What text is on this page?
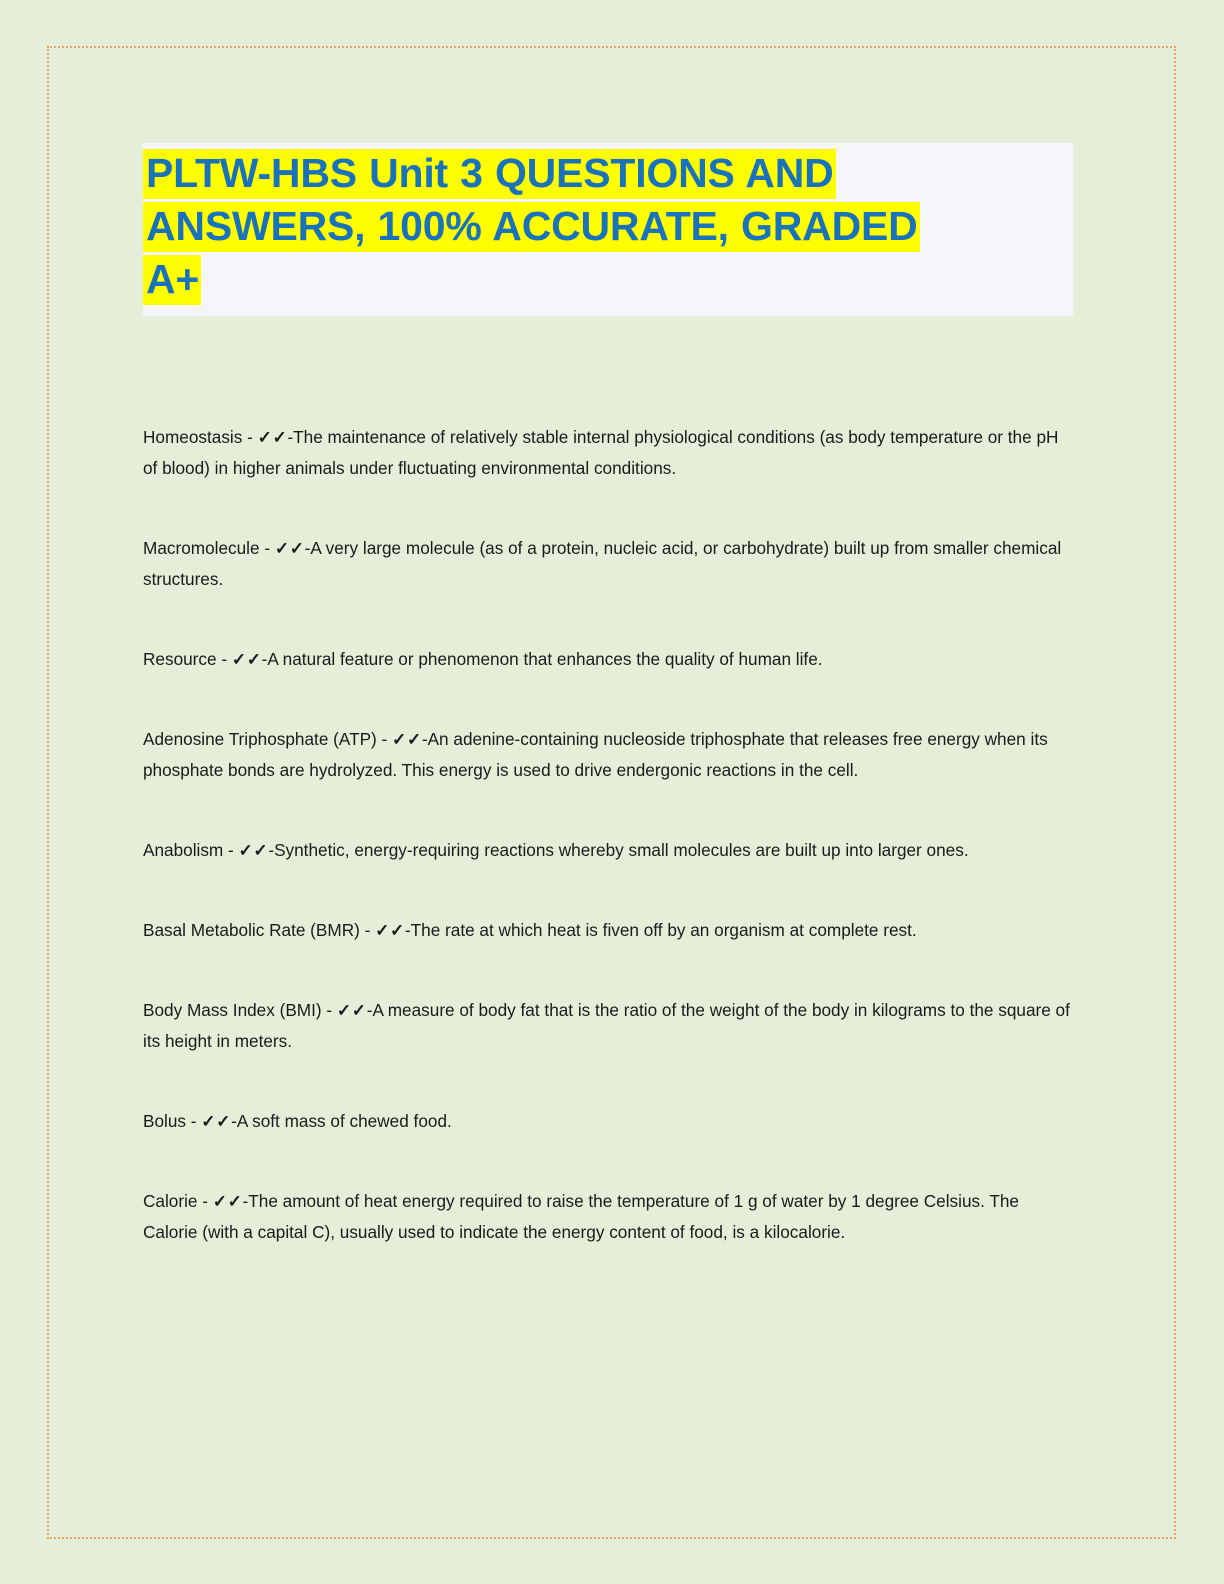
PLTW-HBS Unit 3 QUESTIONS AND
ANSWERS, 100% ACCURATE, GRADED
A+

Homeostasis - ✓✓-The maintenance of relatively stable internal physiological conditions (as body temperature or the pH of blood) in higher animals under fluctuating environmental conditions.

Macromolecule - ✓✓-A very large molecule (as of a protein, nucleic acid, or carbohydrate) built up from smaller chemical structures.

Resource - ✓✓-A natural feature or phenomenon that enhances the quality of human life.

Adenosine Triphosphate (ATP) - ✓✓-An adenine-containing nucleoside triphosphate that releases free energy when its phosphate bonds are hydrolyzed. This energy is used to drive endergonic reactions in the cell.

Anabolism - ✓✓-Synthetic, energy-requiring reactions whereby small molecules are built up into larger ones.

Basal Metabolic Rate (BMR) - ✓✓-The rate at which heat is fiven off by an organism at complete rest.

Body Mass Index (BMI) - ✓✓-A measure of body fat that is the ratio of the weight of the body in kilograms to the square of its height in meters.

Bolus - ✓✓-A soft mass of chewed food.

Calorie - ✓✓-The amount of heat energy required to raise the temperature of 1 g of water by 1 degree Celsius. The Calorie (with a capital C), usually used to indicate the energy content of food, is a kilocalorie.
